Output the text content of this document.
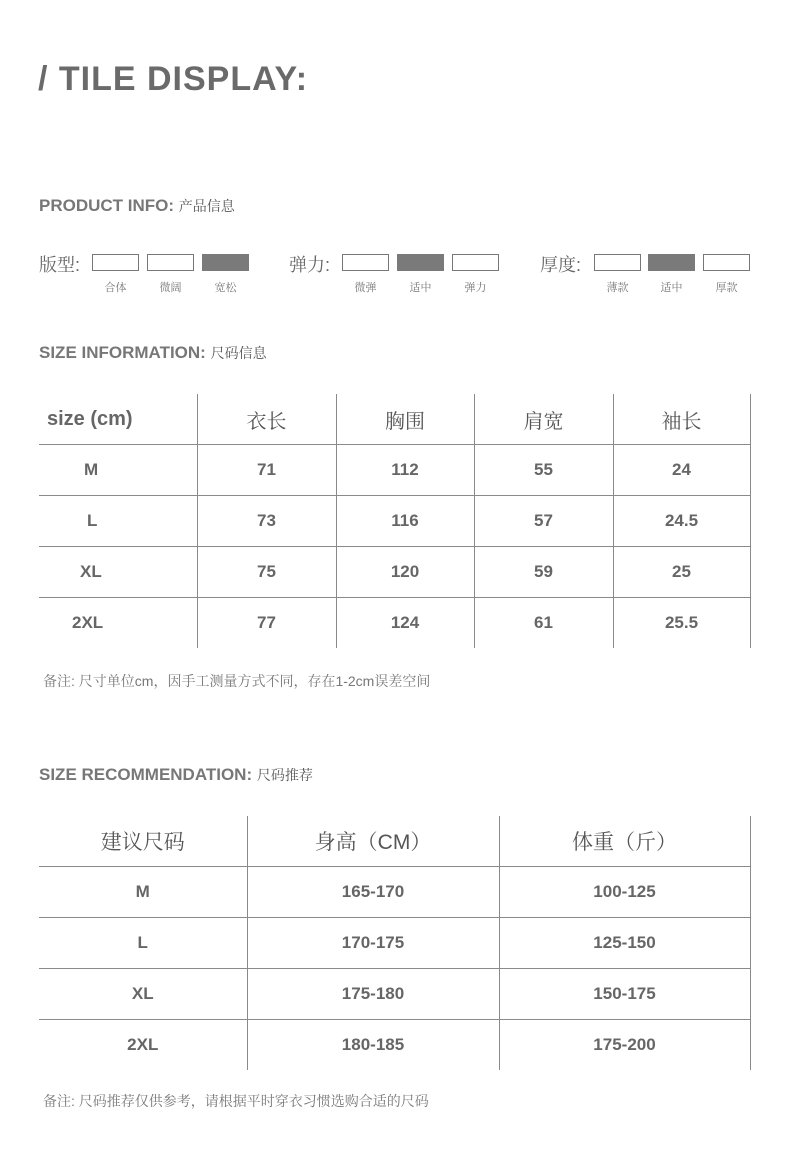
/ TILE DISPLAY:
PRODUCT INFO: 产品信息
版型:
合体	微阔	宽松
弹力:
微弹	适中	弹力
厚度:
薄款	适中	厚款
SIZE INFORMATION: 尺码信息
size (cm)	衣长	胸围	肩宽	袖长
M	71	112	55	24
L	73	116	57	24.5
XL	75	120	59	25
2XL	77	124	61	25.5
备注: 尺寸单位cm，因手工测量方式不同，存在1-2cm误差空间
SIZE RECOMMENDATION: 尺码推荐
建议尺码	身高（CM）	体重（斤）
M	165-170	100-125
L	170-175	125-150
XL	175-180	150-175
2XL	180-185	175-200
备注: 尺码推荐仅供参考，请根据平时穿衣习惯选购合适的尺码
